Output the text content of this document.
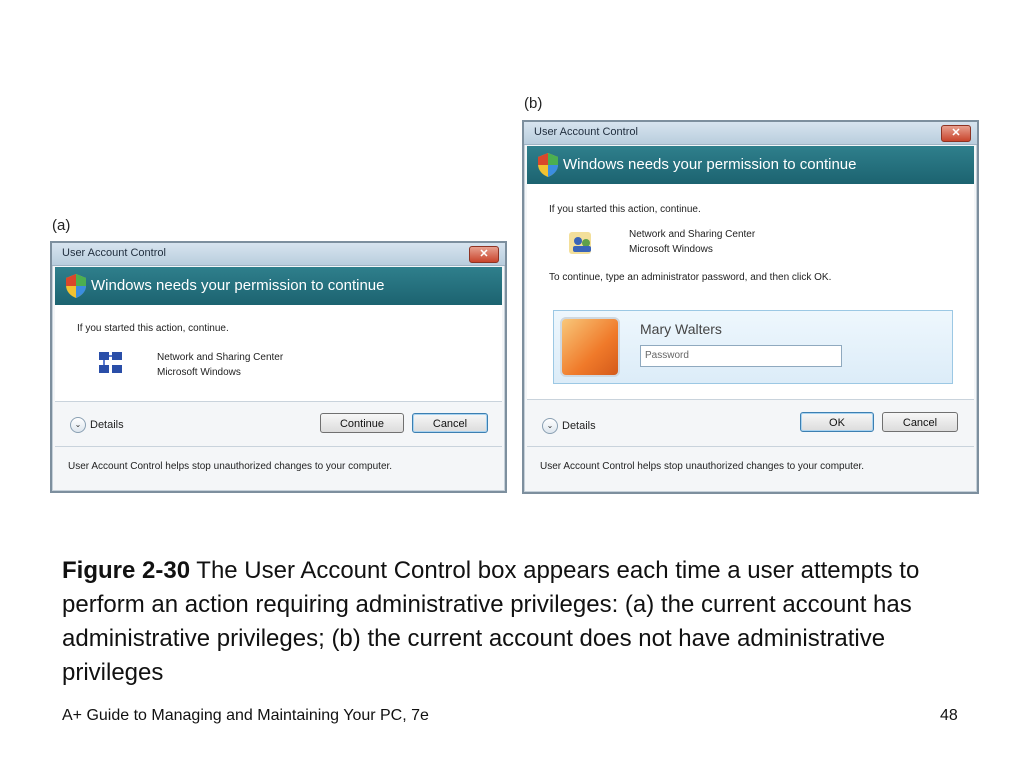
(a)
User Account Control	✕
Windows needs your permission to continue
If you started this action, continue.
Network and Sharing Center
Microsoft Windows
⌄ Details	Continue	Cancel
User Account Control helps stop unauthorized changes to your computer.
(b)
User Account Control	✕
Windows needs your permission to continue
If you started this action, continue.
Network and Sharing Center
Microsoft Windows
To continue, type an administrator password, and then click OK.
Mary Walters
Password
⌄ Details	OK	Cancel
User Account Control helps stop unauthorized changes to your computer.
Figure 2-30 The User Account Control box appears each time a user attempts to perform an action requiring administrative privileges: (a) the current account has administrative privileges; (b) the current account does not have administrative privileges
A+ Guide to Managing and Maintaining Your PC, 7e	48
